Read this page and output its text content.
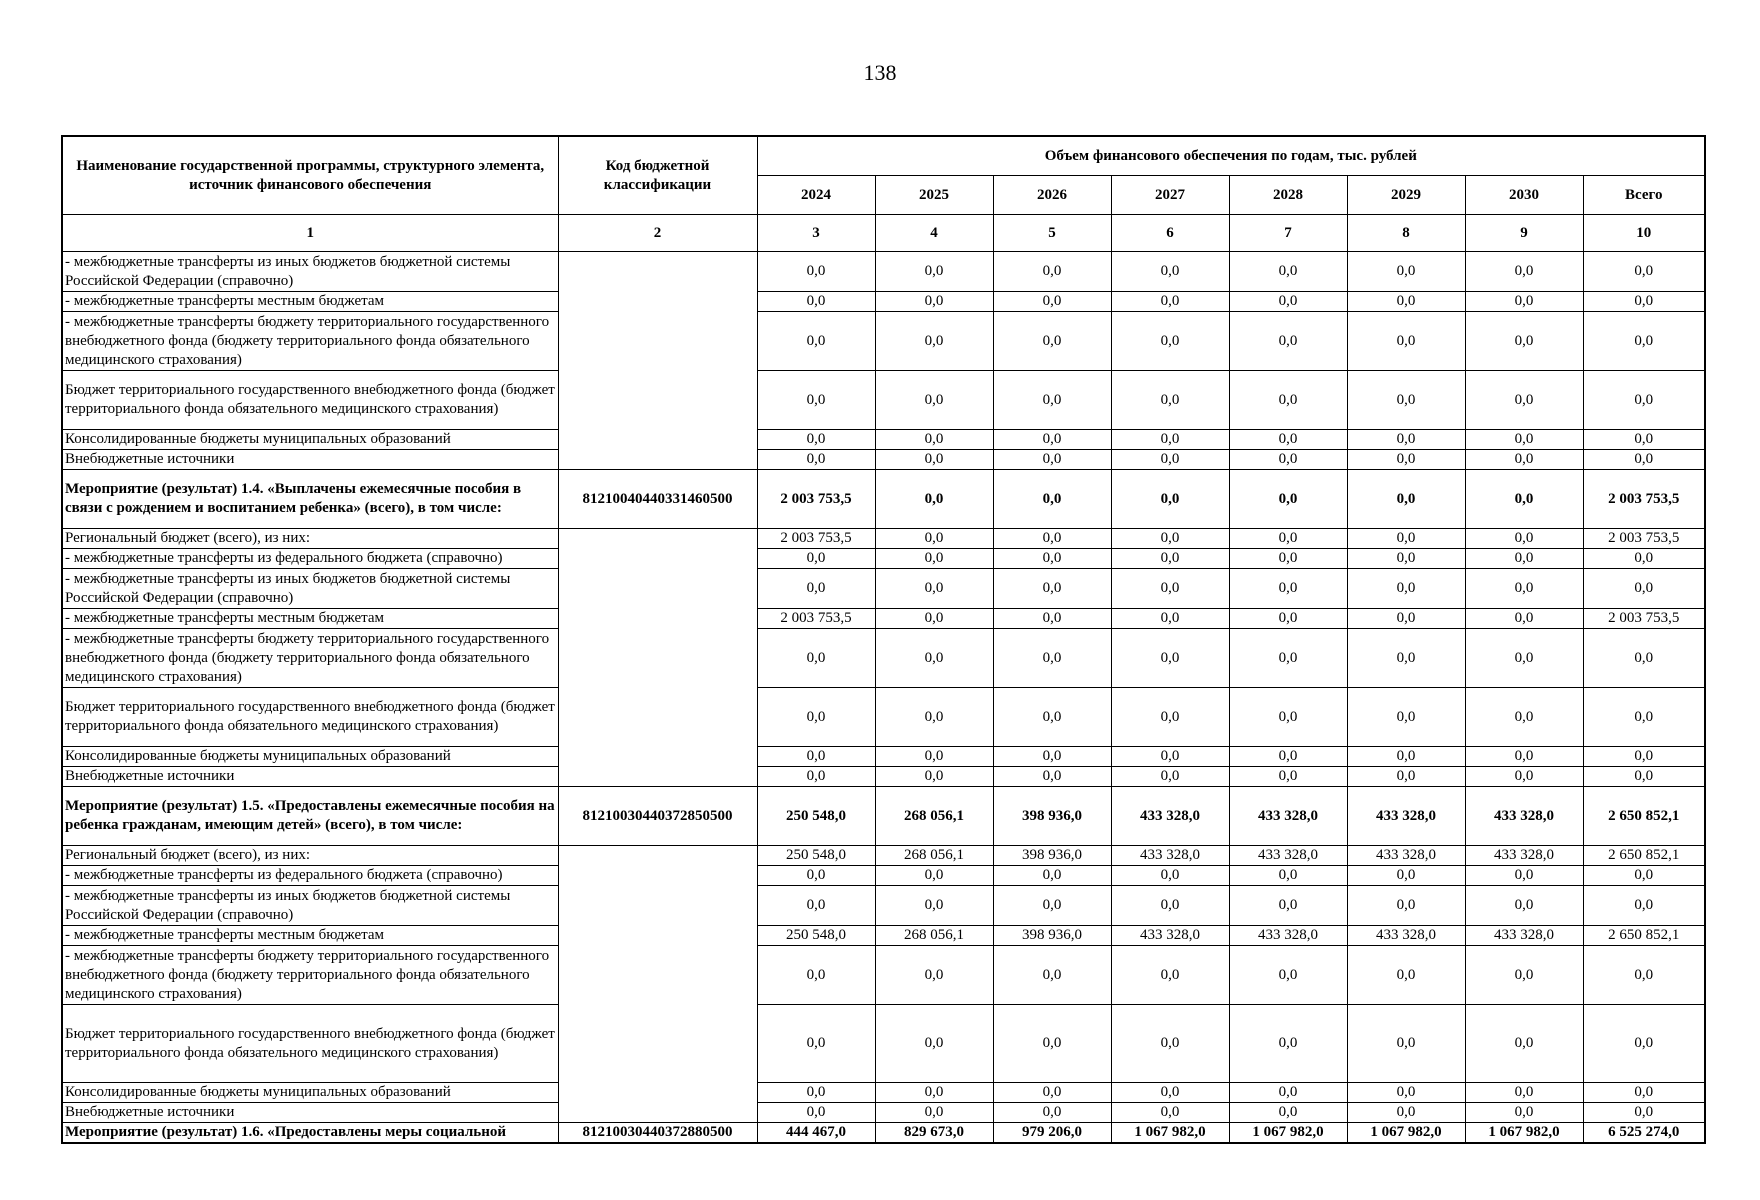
138
Наименование государственной программы, структурного элемента, источник финансового обеспечения	Код бюджетной классификации	Объем финансового обеспечения по годам, тыс. рублей							
		2024	2025	2026	2027	2028	2029	2030	Всего
1	2	3	4	5	6	7	8	9	10
- межбюджетные трансферты из иных бюджетов бюджетной системы Российской Федерации (справочно)		0,0	0,0	0,0	0,0	0,0	0,0	0,0	0,0
- межбюджетные трансферты местным бюджетам		0,0	0,0	0,0	0,0	0,0	0,0	0,0	0,0
- межбюджетные трансферты бюджету территориального государственного внебюджетного фонда (бюджету территориального фонда обязательного медицинского страхования)		0,0	0,0	0,0	0,0	0,0	0,0	0,0	0,0
Бюджет территориального государственного внебюджетного фонда (бюджет территориального фонда обязательного медицинского страхования)		0,0	0,0	0,0	0,0	0,0	0,0	0,0	0,0
Консолидированные бюджеты муниципальных образований		0,0	0,0	0,0	0,0	0,0	0,0	0,0	0,0
Внебюджетные источники		0,0	0,0	0,0	0,0	0,0	0,0	0,0	0,0
Мероприятие (результат) 1.4. «Выплачены ежемесячные пособия в связи с рождением и воспитанием ребенка» (всего), в том числе:	81210040440331460500	2 003 753,5	0,0	0,0	0,0	0,0	0,0	0,0	2 003 753,5
Региональный бюджет (всего), из них:		2 003 753,5	0,0	0,0	0,0	0,0	0,0	0,0	2 003 753,5
- межбюджетные трансферты из федерального бюджета (справочно)		0,0	0,0	0,0	0,0	0,0	0,0	0,0	0,0
- межбюджетные трансферты из иных бюджетов бюджетной системы Российской Федерации (справочно)		0,0	0,0	0,0	0,0	0,0	0,0	0,0	0,0
- межбюджетные трансферты местным бюджетам		2 003 753,5	0,0	0,0	0,0	0,0	0,0	0,0	2 003 753,5
- межбюджетные трансферты бюджету территориального государственного внебюджетного фонда (бюджету территориального фонда обязательного медицинского страхования)		0,0	0,0	0,0	0,0	0,0	0,0	0,0	0,0
Бюджет территориального государственного внебюджетного фонда (бюджет территориального фонда обязательного медицинского страхования)		0,0	0,0	0,0	0,0	0,0	0,0	0,0	0,0
Консолидированные бюджеты муниципальных образований		0,0	0,0	0,0	0,0	0,0	0,0	0,0	0,0
Внебюджетные источники		0,0	0,0	0,0	0,0	0,0	0,0	0,0	0,0
Мероприятие (результат) 1.5. «Предоставлены ежемесячные пособия на ребенка гражданам, имеющим детей» (всего), в том числе:	81210030440372850500	250 548,0	268 056,1	398 936,0	433 328,0	433 328,0	433 328,0	433 328,0	2 650 852,1
Региональный бюджет (всего), из них:		250 548,0	268 056,1	398 936,0	433 328,0	433 328,0	433 328,0	433 328,0	2 650 852,1
- межбюджетные трансферты из федерального бюджета (справочно)		0,0	0,0	0,0	0,0	0,0	0,0	0,0	0,0
- межбюджетные трансферты из иных бюджетов бюджетной системы Российской Федерации (справочно)		0,0	0,0	0,0	0,0	0,0	0,0	0,0	0,0
- межбюджетные трансферты местным бюджетам		250 548,0	268 056,1	398 936,0	433 328,0	433 328,0	433 328,0	433 328,0	2 650 852,1
- межбюджетные трансферты бюджету территориального государственного внебюджетного фонда (бюджету территориального фонда обязательного медицинского страхования)		0,0	0,0	0,0	0,0	0,0	0,0	0,0	0,0
Бюджет территориального государственного внебюджетного фонда (бюджет территориального фонда обязательного медицинского страхования)		0,0	0,0	0,0	0,0	0,0	0,0	0,0	0,0
Консолидированные бюджеты муниципальных образований		0,0	0,0	0,0	0,0	0,0	0,0	0,0	0,0
Внебюджетные источники		0,0	0,0	0,0	0,0	0,0	0,0	0,0	0,0
Мероприятие (результат) 1.6. «Предоставлены меры социальной	81210030440372880500	444 467,0	829 673,0	979 206,0	1 067 982,0	1 067 982,0	1 067 982,0	1 067 982,0	6 525 274,0
